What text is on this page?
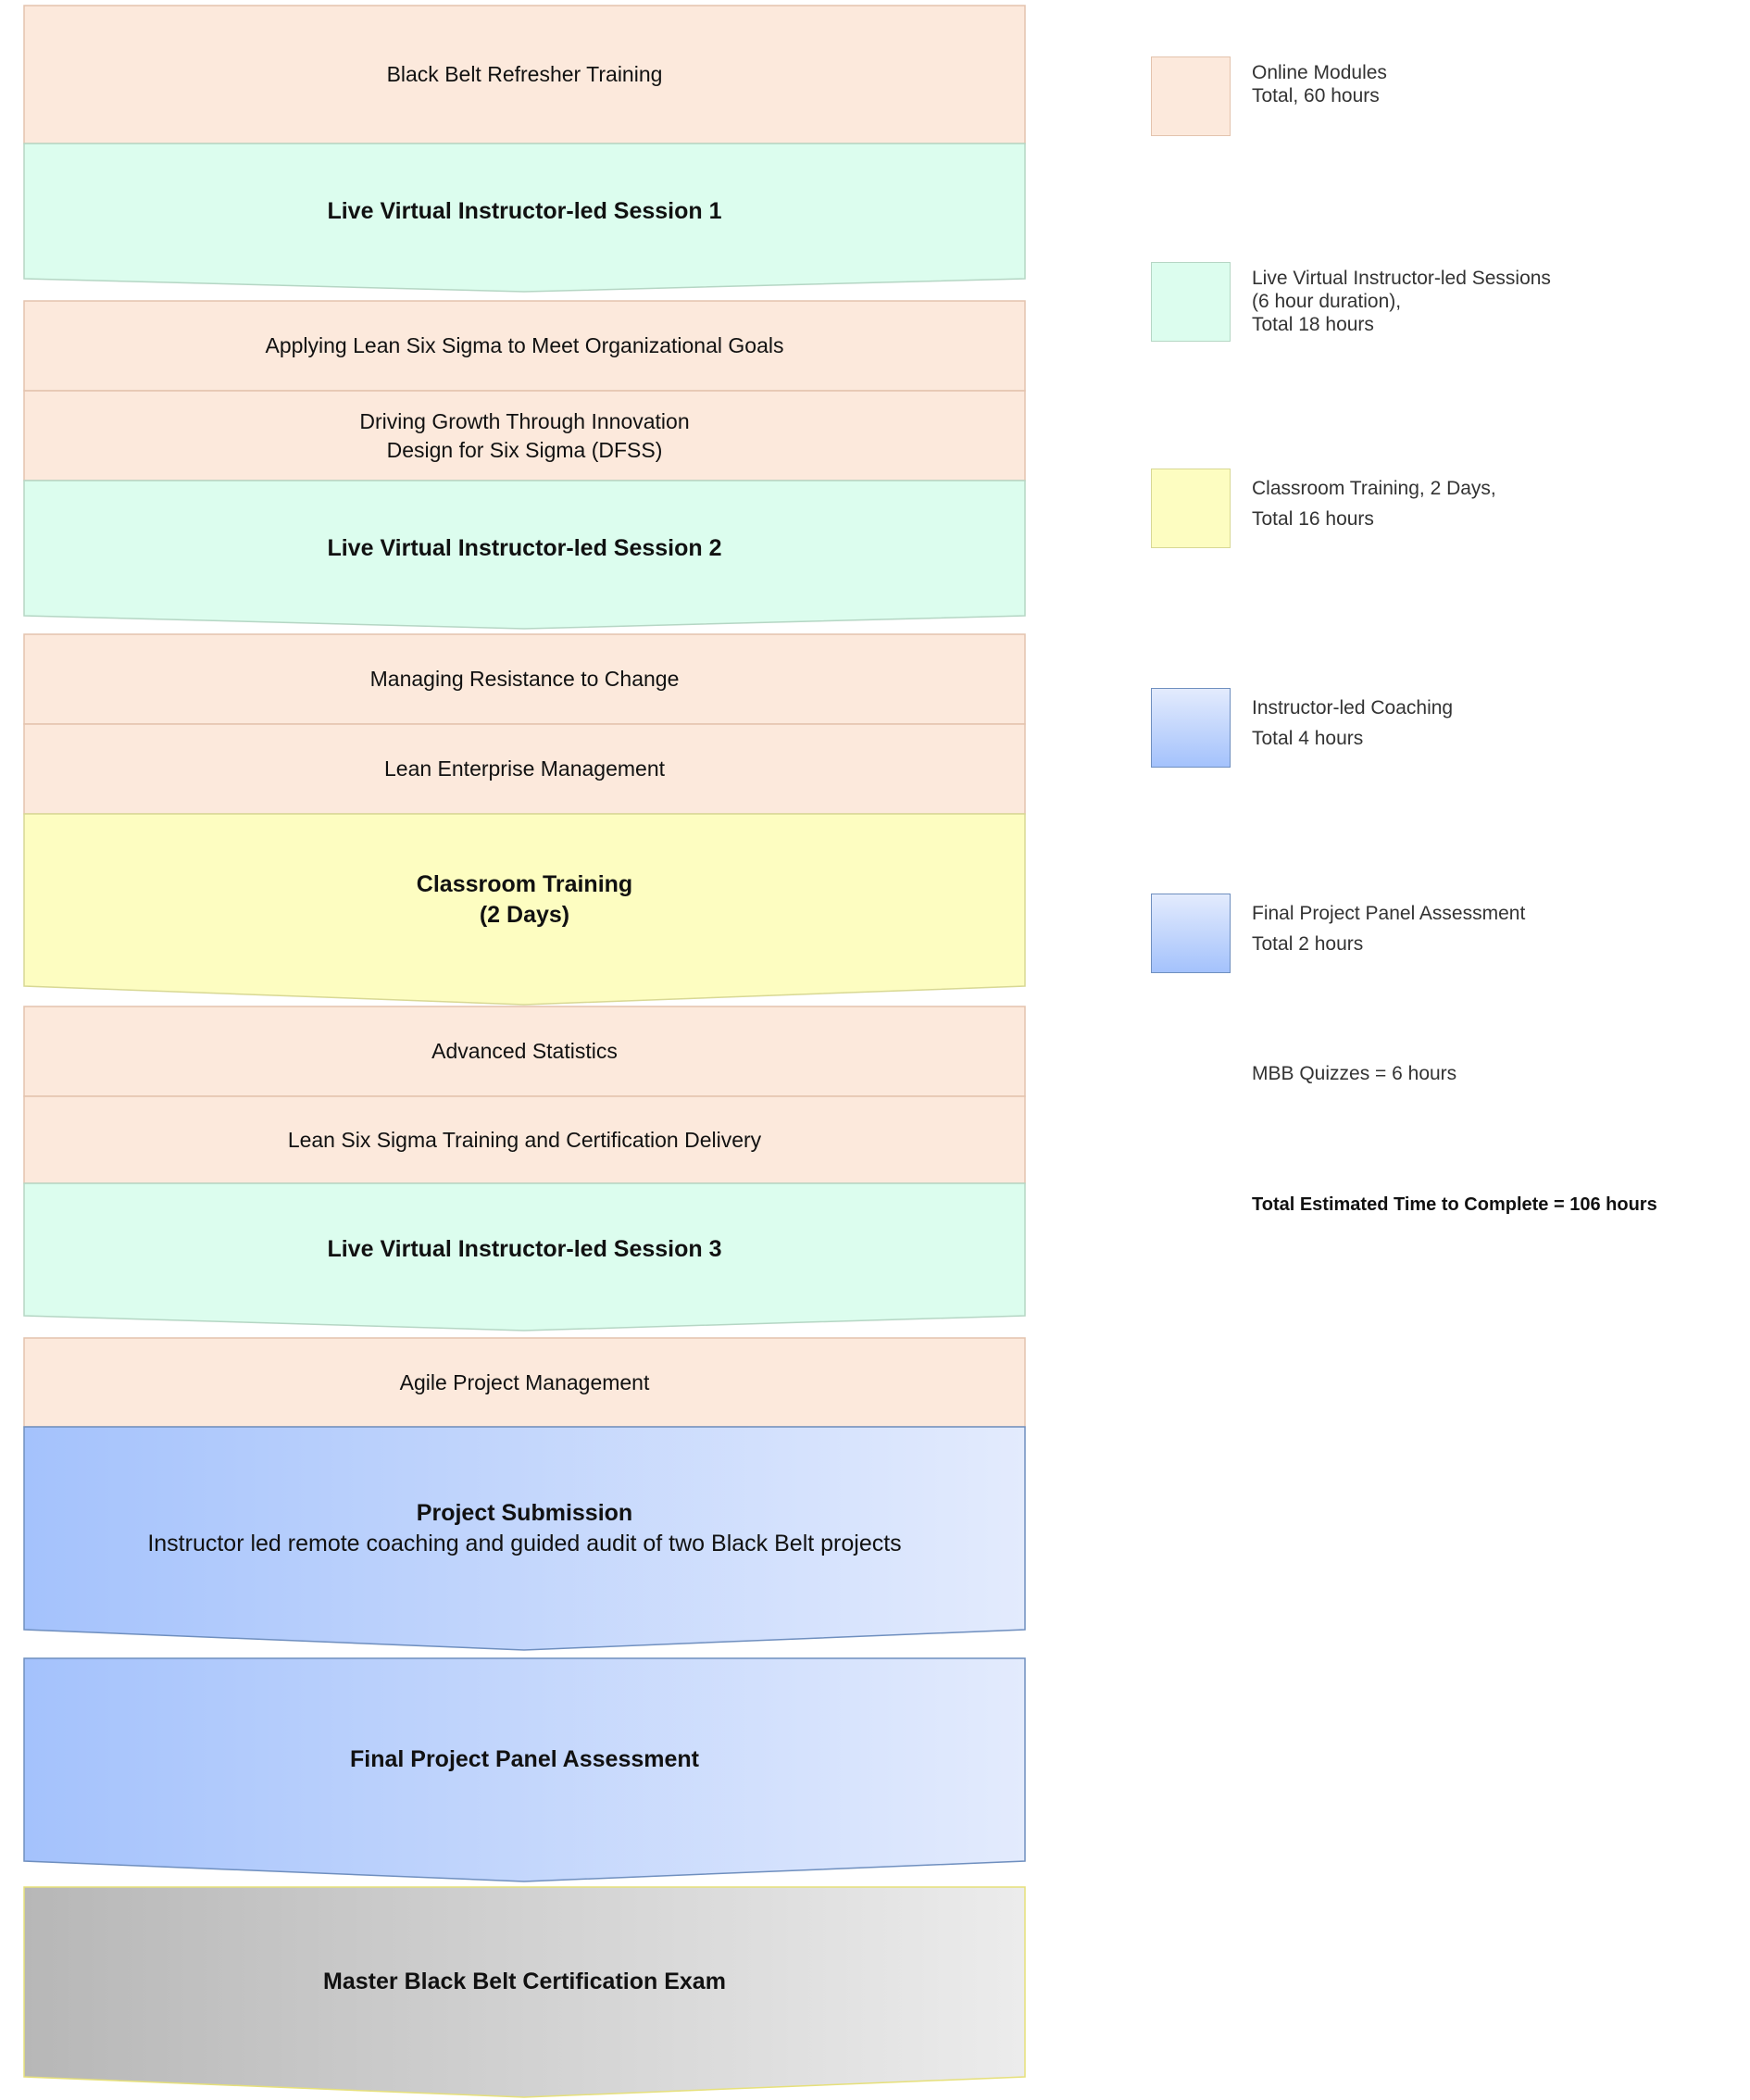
Black Belt Refresher Training
Live Virtual Instructor-led Session 1
Applying Lean Six Sigma to Meet Organizational Goals
Driving Growth Through Innovation
Design for Six Sigma (DFSS)
Live Virtual Instructor-led Session 2
Managing Resistance to Change
Lean Enterprise Management
Classroom Training
(2 Days)
Advanced Statistics
Lean Six Sigma Training and Certification Delivery
Live Virtual Instructor-led Session 3
Agile Project Management
Project Submission
Instructor led remote coaching and guided audit of two Black Belt projects
Final Project Panel Assessment
Master Black Belt Certification Exam
Online Modules
Total, 60 hours
Live Virtual Instructor-led Sessions
(6 hour duration),
Total 18 hours
Classroom Training, 2 Days,
Total 16 hours
Instructor-led Coaching
Total 4 hours
Final Project Panel Assessment
Total 2 hours
MBB Quizzes = 6 hours
Total Estimated Time to Complete = 106 hours
